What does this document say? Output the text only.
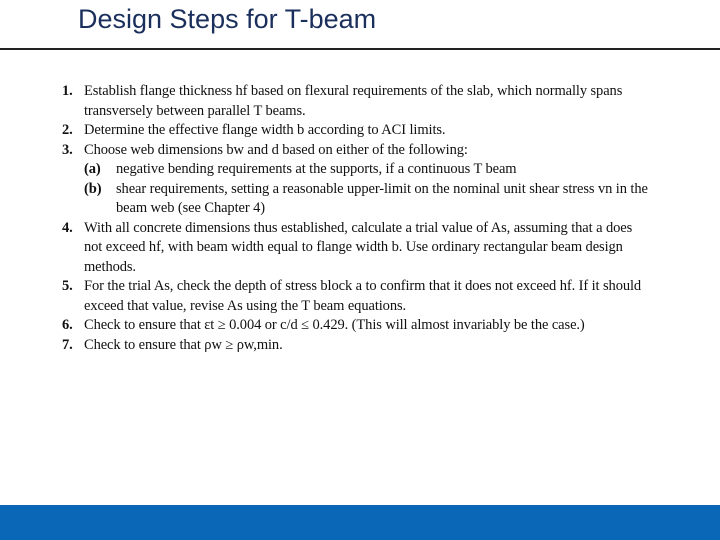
Design Steps for T-beam
1. Establish flange thickness hf based on flexural requirements of the slab, which normally spans transversely between parallel T beams.
2. Determine the effective flange width b according to ACI limits.
3. Choose web dimensions bw and d based on either of the following:
(a)	negative bending requirements at the supports, if a continuous T beam
(b)	shear requirements, setting a reasonable upper-limit on the nominal unit shear stress vn in the beam web (see Chapter 4)
4. With all concrete dimensions thus established, calculate a trial value of As, assuming that a does not exceed hf, with beam width equal to flange width b. Use ordinary rectangular beam design methods.
5. For the trial As, check the depth of stress block a to confirm that it does not exceed hf. If it should exceed that value, revise As using the T beam equations.
6. Check to ensure that εt ≥ 0.004 or c/d ≤ 0.429. (This will almost invariably be the case.)
7. Check to ensure that ρw ≥ ρw,min.
